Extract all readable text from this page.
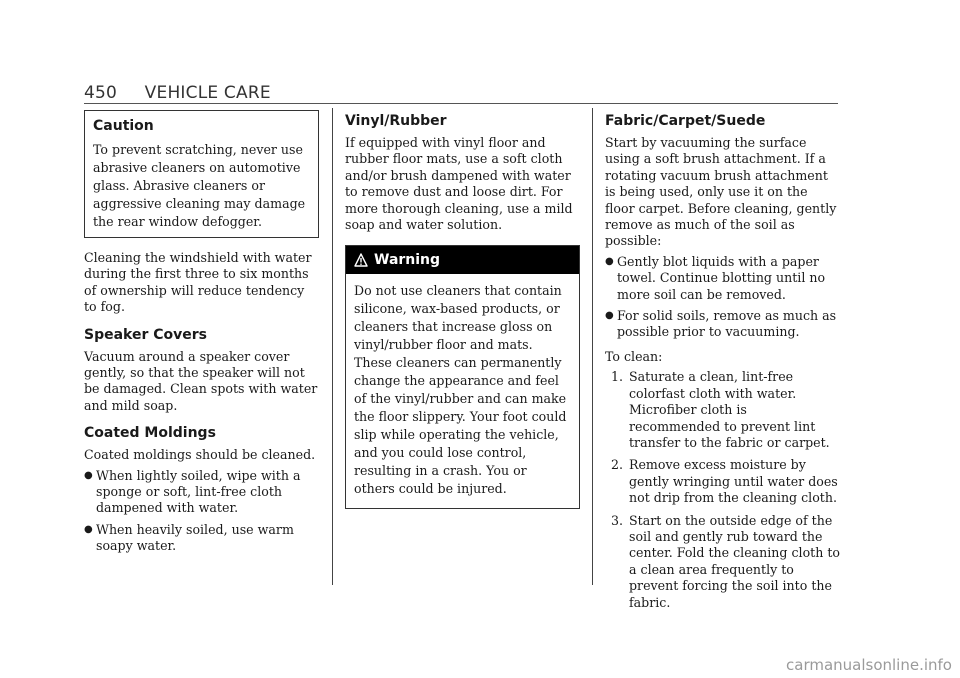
450 VEHICLE CARE
Caution
To prevent scratching, never use abrasive cleaners on automotive glass. Abrasive cleaners or aggressive cleaning may damage the rear window defogger.

Cleaning the windshield with water during the first three to six months of ownership will reduce tendency to fog.

Speaker Covers

Vacuum around a speaker cover gently, so that the speaker will not be damaged. Clean spots with water and mild soap.

Coated Moldings

Coated moldings should be cleaned.

● When lightly soiled, wipe with a sponge or soft, lint-free cloth dampened with water.
● When heavily soiled, use warm soapy water.
Vinyl/Rubber

If equipped with vinyl floor and rubber floor mats, use a soft cloth and/or brush dampened with water to remove dust and loose dirt. For more thorough cleaning, use a mild soap and water solution.

Warning
Do not use cleaners that contain silicone, wax-based products, or cleaners that increase gloss on vinyl/rubber floor and mats. These cleaners can permanently change the appearance and feel of the vinyl/rubber and can make the floor slippery. Your foot could slip while operating the vehicle, and you could lose control, resulting in a crash. You or others could be injured.
Fabric/Carpet/Suede

Start by vacuuming the surface using a soft brush attachment. If a rotating vacuum brush attachment is being used, only use it on the floor carpet. Before cleaning, gently remove as much of the soil as possible:

● Gently blot liquids with a paper towel. Continue blotting until no more soil can be removed.
● For solid soils, remove as much as possible prior to vacuuming.

To clean:

1. Saturate a clean, lint-free colorfast cloth with water. Microfiber cloth is recommended to prevent lint transfer to the fabric or carpet.
2. Remove excess moisture by gently wringing until water does not drip from the cleaning cloth.
3. Start on the outside edge of the soil and gently rub toward the center. Fold the cleaning cloth to a clean area frequently to prevent forcing the soil into the fabric.
carmanualsonline.info
